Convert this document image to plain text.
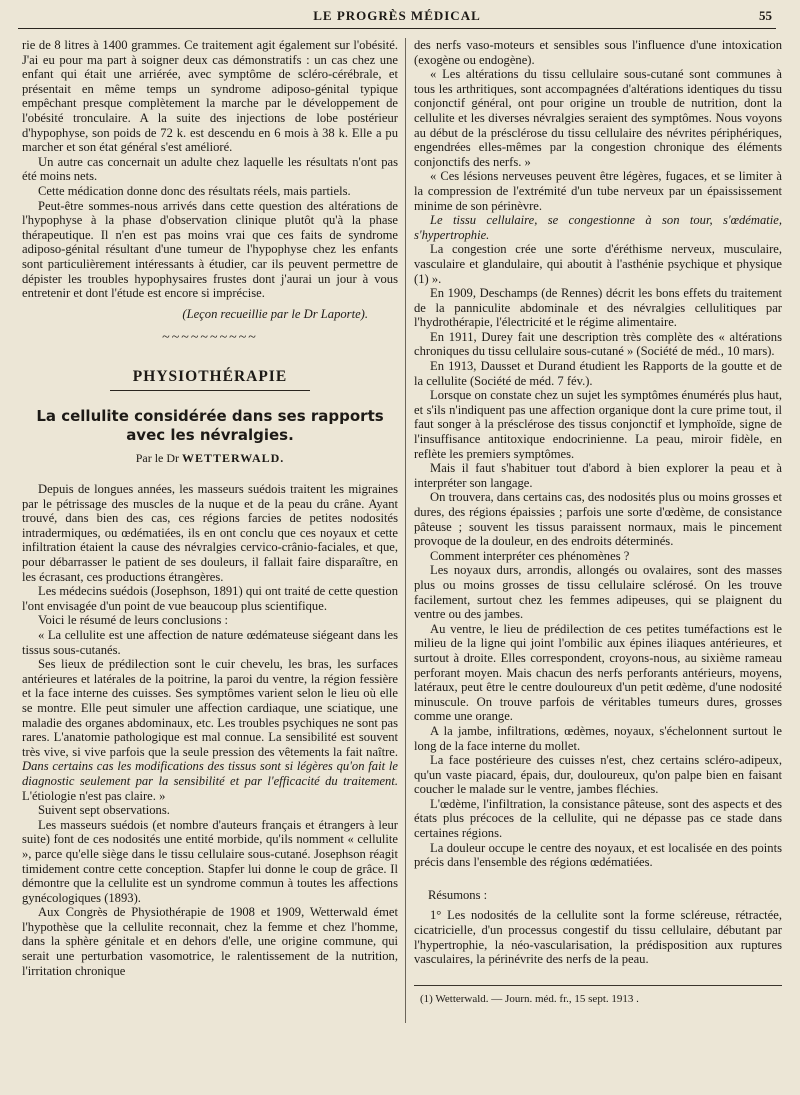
LE PROGRÈS MÉDICAL	55

rie de 8 litres à 1400 grammes. Ce traitement agit également sur l'obésité. J'ai eu pour ma part à soigner deux cas démonstratifs : un cas chez une enfant qui était une arriérée, avec symptôme de scléro-cérébrale, et présentait en même temps un syndrome adiposo-génital typique empêchant presque complètement la marche par le développement de l'obésité tronculaire. A la suite des injections de lobe postérieur d'hypophyse, son poids de 72 k. est descendu en 6 mois à 38 k. Elle a pu marcher et son état général s'est amélioré.

Un autre cas concernait un adulte chez laquelle les résultats n'ont pas été moins nets.

Cette médication donne donc des résultats réels, mais partiels.

Peut-être sommes-nous arrivés dans cette question des altérations de l'hypophyse à la phase d'observation clinique plutôt qu'à la phase thérapeutique. Il n'en est pas moins vrai que ces faits de syndrome adiposo-génital résultant d'une tumeur de l'hypophyse chez les enfants sont particulièrement intéressants à étudier, car ils peuvent permettre de dépister les troubles hypophysaires frustes dont j'aurai un jour à vous entretenir et dont l'étude est encore si imprécise.

(Leçon recueillie par le Dr Laporte).

~~~~~~~~~~
PHYSIOTHÉRAPIE
La cellulite considérée dans ses rapports
avec les névralgies.
Par le Dr WETTERWALD.

Depuis de longues années, les masseurs suédois traitent les migraines par le pétrissage des muscles de la nuque et de la peau du crâne. Ayant trouvé, dans bien des cas, ces régions farcies de petites nodosités intradermiques, ou œdématiées, ils en ont conclu que ces noyaux et cette infiltration étaient la cause des névralgies cervico-crânio-faciales, et que, pour débarrasser le patient de ses douleurs, il fallait faire disparaître, en les écrasant, ces productions étrangères.

Les médecins suédois (Josephson, 1891) qui ont traité de cette question l'ont envisagée d'un point de vue beaucoup plus scientifique.

Voici le résumé de leurs conclusions :

« La cellulite est une affection de nature œdémateuse siégeant dans les tissus sous-cutanés.

Ses lieux de prédilection sont le cuir chevelu, les bras, les surfaces antérieures et latérales de la poitrine, la paroi du ventre, la région fessière et la face interne des cuisses. Ses symptômes varient selon le lieu où elle se montre. Elle peut simuler une affection cardiaque, une sciatique, une maladie des organes abdominaux, etc. Les troubles psychiques ne sont pas rares. L'anatomie pathologique est mal connue. La sensibilité est souvent très vive, si vive parfois que la seule pression des vêtements la fait naître. Dans certains cas les modifications des tissus sont si légères qu'on fait le diagnostic seulement par la sensibilité et par l'efficacité du traitement. L'étiologie n'est pas claire. »

Suivent sept observations.

Les masseurs suédois (et nombre d'auteurs français et étrangers à leur suite) font de ces nodosités une entité morbide, qu'ils nomment « cellulite », parce qu'elle siège dans le tissu cellulaire sous-cutané. Josephson réagit timidement contre cette conception. Stapfer lui donne le coup de grâce. Il démontre que la cellulite est un syndrome commun à toutes les affections gynécologiques (1893).

Aux Congrès de Physiothérapie de 1908 et 1909, Wetterwald émet l'hypothèse que la cellulite reconnait, chez la femme et chez l'homme, dans la sphère génitale et en dehors d'elle, une origine commune, qui serait une perturbation vasomotrice, le ralentissement de la nutrition, l'irritation chronique

des nerfs vaso-moteurs et sensibles sous l'influence d'une intoxication (exogène ou endogène).

« Les altérations du tissu cellulaire sous-cutané sont communes à tous les arthritiques, sont accompagnées d'altérations identiques du tissu conjonctif général, ont pour origine un trouble de nutrition, dont la cellulite et les diverses névralgies seraient des symptômes. Nous voyons au début de la présclérose du tissu cellulaire des névrites périphériques, engendrées elles-mêmes par la congestion chronique des éléments conjonctifs des nerfs. »

« Ces lésions nerveuses peuvent être légères, fugaces, et se limiter à la compression de l'extrémité d'un tube nerveux par un épaississement minime de son périnèvre.

Le tissu cellulaire, se congestionne à son tour, s'œdématie, s'hypertrophie.

La congestion crée une sorte d'éréthisme nerveux, musculaire, vasculaire et glandulaire, qui aboutit à l'asthénie psychique et physique (1) ».

En 1909, Deschamps (de Rennes) décrit les bons effets du traitement de la panniculite abdominale et des névralgies cellulitiques par l'hydrothérapie, l'électricité et le régime alimentaire.

En 1911, Durey fait une description très complète des « altérations chroniques du tissu cellulaire sous-cutané » (Société de méd., 10 mars).

En 1913, Dausset et Durand étudient les Rapports de la goutte et de la cellulite (Société de méd. 7 fév.).

Lorsque on constate chez un sujet les symptômes énumérés plus haut, et s'ils n'indiquent pas une affection organique dont la cure prime tout, il faut songer à la présclérose des tissus conjonctif et lymphoïde, signe de l'insuffisance antitoxique endocrinienne. La peau, miroir fidèle, en reflète les premiers symptômes.

Mais il faut s'habituer tout d'abord à bien explorer la peau et à interpréter son langage.

On trouvera, dans certains cas, des nodosités plus ou moins grosses et dures, des régions épaissies ; parfois une sorte d'œdème, de consistance pâteuse ; souvent les tissus paraissent normaux, mais le pincement provoque de la douleur, en des endroits déterminés.

Comment interpréter ces phénomènes ?

Les noyaux durs, arrondis, allongés ou ovalaires, sont des masses plus ou moins grosses de tissu cellulaire sclérosé. On les trouve facilement, surtout chez les femmes adipeuses, qui se plaignent du ventre ou des jambes.

Au ventre, le lieu de prédilection de ces petites tuméfactions est le milieu de la ligne qui joint l'ombilic aux épines iliaques antérieures, et surtout à droite. Elles correspondent, croyons-nous, au sixième rameau perforant moyen. Mais chacun des nerfs perforants antérieurs, moyens, latéraux, peut être le centre douloureux d'un petit œdème, d'une nodosité minuscule. On trouve parfois de véritables tumeurs dures, grosses comme une orange.

A la jambe, infiltrations, œdèmes, noyaux, s'échelonnent surtout le long de la face interne du mollet.

La face postérieure des cuisses n'est, chez certains scléro-adipeux, qu'un vaste piacard, épais, dur, douloureux, qu'on palpe bien en faisant coucher le malade sur le ventre, jambes fléchies.

L'œdème, l'infiltration, la consistance pâteuse, sont des aspects et des états plus précoces de la cellulite, qui ne dépasse pas ce stade dans certaines régions.

La douleur occupe le centre des noyaux, et est localisée en des points précis dans l'ensemble des régions œdématiées.

Résumons :

1° Les nodosités de la cellulite sont la forme scléreuse, rétractée, cicatricielle, d'un processus congestif du tissu cellulaire, débutant par l'hypertrophie, la néo-vascularisation, la prédisposition aux ruptures vasculaires, la périnévrite des nerfs de la peau.

(1) Wetterwald. — Journ. méd. fr., 15 sept. 1913 .
